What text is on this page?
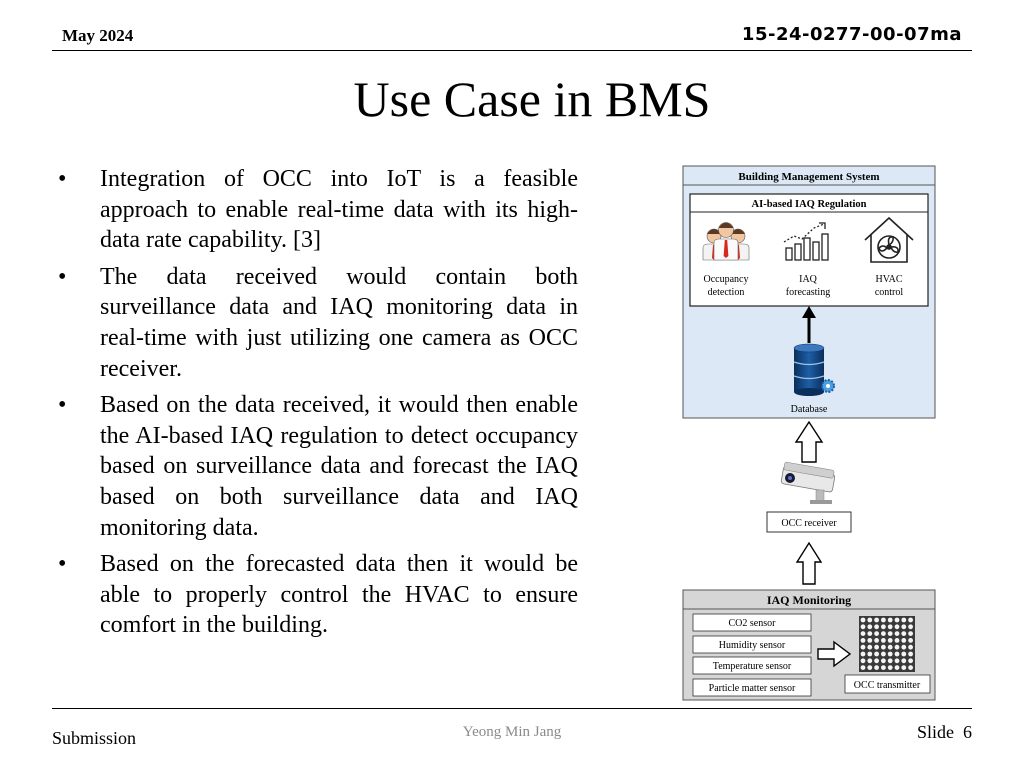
May 2024	15-24-0277-00-07ma
Use Case in BMS
• Integration of OCC into IoT is a feasible approach to enable real-time data with its high-data rate capability. [3]
• The data received would contain both surveillance data and IAQ monitoring data in real-time with just utilizing one camera as OCC receiver.
• Based on the data received, it would then enable the AI-based IAQ regulation to detect occupancy based on surveillance data and forecast the IAQ based on both surveillance data and IAQ monitoring data.
• Based on the forecasted data then it would be able to properly control the HVAC to ensure comfort in the building.
Building Management System
AI-based IAQ Regulation
Occupancy
detection
IAQ
forecasting
HVAC
control
Database
OCC receiver
IAQ Monitoring
CO2 sensor
Humidity sensor
Temperature sensor
Particle matter sensor	OCC transmitter
Submission	Yeong Min Jang	Slide 6
